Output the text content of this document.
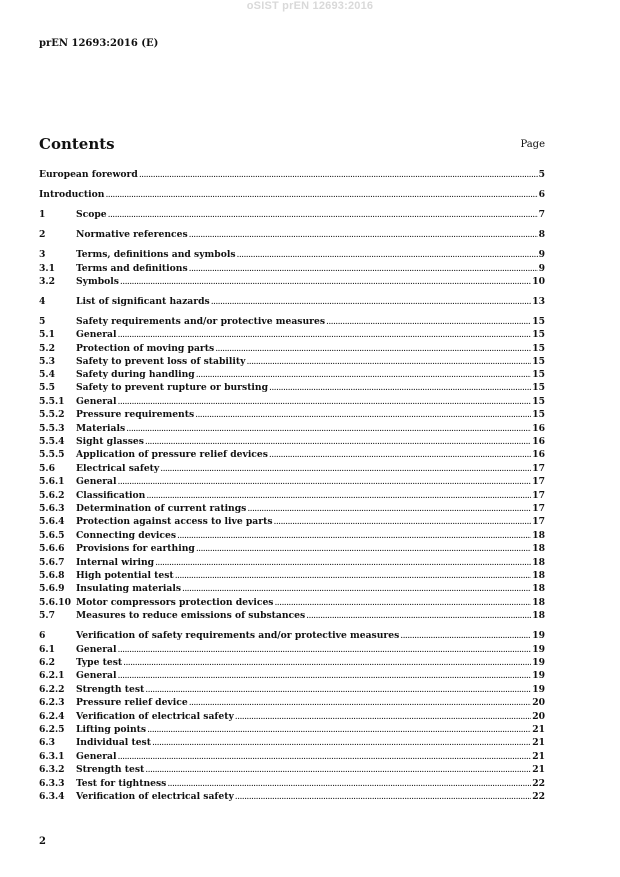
oSIST prEN 12693:2016
prEN 12693:2016 (E)
Contents	Page
European foreword .....	5
Introduction .....	6
1	Scope .....	7
2	Normative references .....	8
3	Terms, definitions and symbols .....	9
3.1	Terms and definitions .....	9
3.2	Symbols .....	10
4	List of significant hazards .....	13
5	Safety requirements and/or protective measures .....	15
5.1	General .....	15
5.2	Protection of moving parts .....	15
5.3	Safety to prevent loss of stability .....	15
5.4	Safety during handling .....	15
5.5	Safety to prevent rupture or bursting .....	15
5.5.1	General .....	15
5.5.2	Pressure requirements .....	15
5.5.3	Materials .....	16
5.5.4	Sight glasses .....	16
5.5.5	Application of pressure relief devices .....	16
5.6	Electrical safety .....	17
5.6.1	General .....	17
5.6.2	Classification .....	17
5.6.3	Determination of current ratings .....	17
5.6.4	Protection against access to live parts .....	17
5.6.5	Connecting devices .....	18
5.6.6	Provisions for earthing .....	18
5.6.7	Internal wiring .....	18
5.6.8	High potential test .....	18
5.6.9	Insulating materials .....	18
5.6.10 Motor compressors protection devices .....	18
5.7	Measures to reduce emissions of substances .....	18
6	Verification of safety requirements and/or protective measures .....	19
6.1	General .....	19
6.2	Type test .....	19
6.2.1	General .....	19
6.2.2	Strength test .....	19
6.2.3	Pressure relief device .....	20
6.2.4	Verification of electrical safety .....	20
6.2.5	Lifting points .....	21
6.3	Individual test .....	21
6.3.1	General .....	21
6.3.2	Strength test .....	21
6.3.3	Test for tightness .....	22
6.3.4	Verification of electrical safety .....	22
2
